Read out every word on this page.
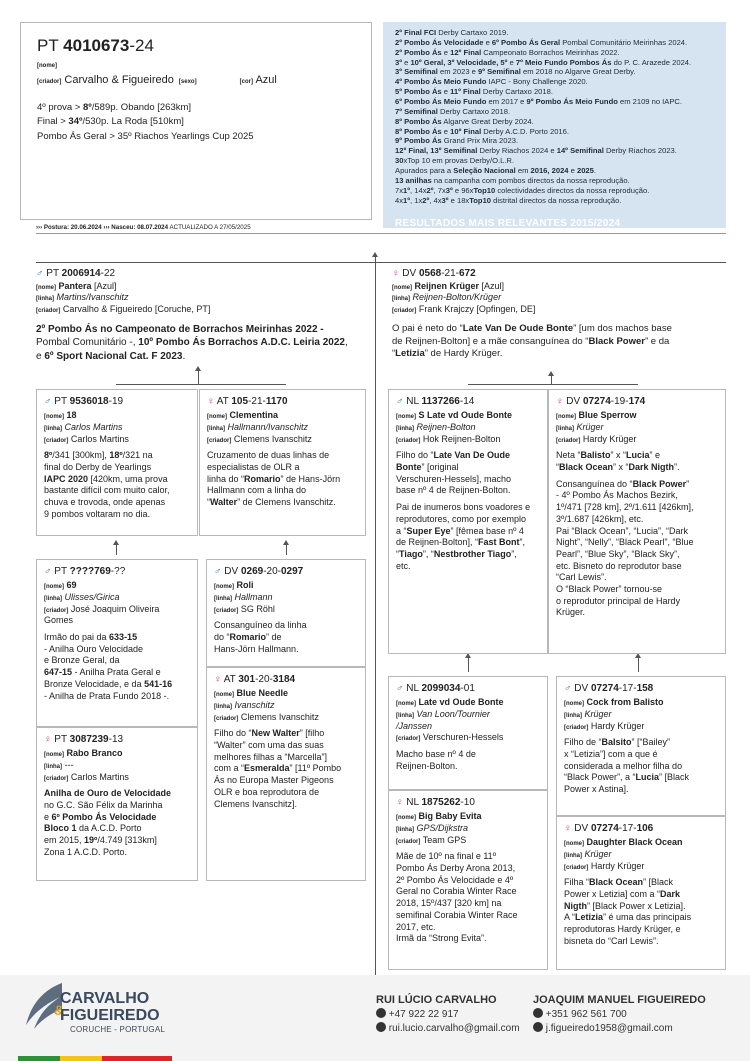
PT 4010673-24
[nome]
[criador] Carvalho & Figueiredo [sexo]	[cor] Azul
4º prova > 8º/589p. Obando [263km]
Final > 34º/530p. La Roda [510km]
Pombo Ás Geral > 35º Riachos Yearlings Cup 2025
››› Postura: 20.06.2024 ››› Nasceu: 08.07.2024 ACTUALIZADO A 27/05/2025
2º Final FCI Derby Cartaxo 2019.
2º Pombo Ás Velocidade e 6º Pombo Ás Geral Pombal Comunitário Meirinhas 2024.
2º Pombo Ás e 12º Final Campeonato Borrachos Meirinhas 2022.
3º e 10º Geral, 3º Velocidade, 5º e 7º Meio Fundo Pombos Ás do P. C. Arazede 2024.
3º Semifinal em 2023 e 9º Semifinal em 2018 no Algarve Great Derby.
4º Pombo Ás Meio Fundo IAPC - Bony Challenge 2020.
5º Pombo Ás e 11º Final Derby Cartaxo 2018.
6º Pombo Ás Meio Fundo em 2017 e 9º Pombo Ás Meio Fundo em 2109 no IAPC.
7º Semifinal Derby Cartaxo 2018.
8º Pombo Ás Algarve Great Derby 2024.
8º Pombo Ás e 10º Final Derby A.C.D. Porto 2016.
9º Pombo Ás Grand Prix Mira 2023.
12º Final, 13º Semifinal Derby Riachos 2024 e 14º Semifinal Derby Riachos 2023.
30xTop 10 em provas Derby/O.L.R.
Apurados para a Seleção Nacional em 2016, 2024 e 2025.
13 anilhas na campanha com pombos directos da nossa reprodução.
7x1º, 14x2º, 7x3º e 96xTop10 colectividades directos da nossa reprodução.
4x1º, 1x2º, 4x3º e 18xTop10 distrital directos da nossa reprodução.
RESULTADOS MAIS RELEVANTES 2015/2024
♂ PT 2006914-22
[nome] Pantera [Azul]
[linha] Martins/Ivanschitz
[criador] Carvalho & Figueiredo [Coruche, PT]
2º Pombo Ás no Campeonato de Borrachos Meirinhas 2022 -
Pombal Comunitário -, 10º Pombo Ás Borrachos A.D.C. Leiria 2022,
e 6º Sport Nacional Cat. F 2023.
♀ DV 0568-21-672
[nome] Reijnen Krüger [Azul]
[linha] Reijnen-Bolton/Krüger
[criador] Frank Krajczy [Opfingen, DE]
O pai é neto do “Late Van De Oude Bonte” [um dos machos base
de Reijnen-Bolton] e a mãe consanguínea do “Black Power” e da
“Letizia” de Hardy Krüger.
♂ PT 9536018-19
[nome] 18
[linha] Carlos Martins
[criador] Carlos Martins

8º/341 [300km], 18º/321 na
final do Derby de Yearlings
IAPC 2020 [420km, uma prova
bastante difícil com muito calor,
chuva e trovoda, onde apenas
9 pombos voltaram no dia.

♀ AT 105-21-1170
[nome] Clementina
[linha] Hallmann/Ivanschitz
[criador] Clemens Ivanschitz

Cruzamento de duas linhas de
especialistas de OLR a
linha do “Romario” de Hans-Jörn
Hallmann com a linha do
“Walter” de Clemens Ivanschitz.

♂ PT ????769-??
[nome] 69
[linha] Ulisses/Girica
[criador] José Joaquim Oliveira
Gomes

Irmão do pai da 633-15
- Anilha Ouro Velocidade
e Bronze Geral, da
647-15 - Anilha Prata Geral e
Bronze Velocidade, e da 541-16
- Anilha de Prata Fundo 2018 -.

♀ PT 3087239-13
[nome] Rabo Branco
[linha] ---
[criador] Carlos Martins

Anilha de Ouro de Velocidade
no G.C. São Félix da Marinha
e 6º Pombo Ás Velocidade
Bloco 1 da A.C.D. Porto
em 2015, 19º/4.749 [313km]
Zona 1 A.C.D. Porto.

♂ DV 0269-20-0297
[nome] Roli
[linha] Hallmann
[criador] SG Röhl

Consanguíneo da linha
do “Romario” de
Hans-Jörn Hallmann.

♀ AT 301-20-3184
[nome] Blue Needle
[linha] Ivanschitz
[criador] Clemens Ivanschitz

Filho do “New Walter” [filho
“Walter” com uma das suas
melhores filhas a “Marcella”]
com a “Esmeralda” [11º Pombo
Ás no Europa Master Pigeons
OLR e boa reprodutora de
Clemens Ivanschitz].

♂ NL 1137266-14
[nome] S Late vd Oude Bonte
[linha] Reijnen-Bolton
[criador] Hok Reijnen-Bolton

Filho do “Late Van De Oude
Bonte” [original
Verschuren-Hessels], macho
base nº 4 de Reijnen-Bolton.
Pai de inumeros bons voadores e
reprodutores, como por exemplo
a “Super Eye” [fêmea base nº 4
de Reijnen-Bolton], “Fast Bont”,
“Tiago”, “Nestbrother Tiago”,
etc.

♀ DV 07274-19-174
[nome] Blue Sperrow
[linha] Krüger
[criador] Hardy Krüger

Neta “Balisto” x “Lucia” e
“Black Ocean” x “Dark Nigth”.
Consanguínea do “Black Power”
- 4º Pombo Ás Machos Bezirk,
1º/471 [728 km], 2º/1.611 [426km],
3º/1.687 [426km], etc.
Pai “Black Ocean”, “Lucia”, “Dark
Night”, “Nelly”, “Black Pearl”, “Blue
Pearl”, “Blue Sky”, “Black Sky”,
etc. Bisneto do reprodutor base
“Carl Lewis”.
O “Black Power” tornou-se
o reprodutor principal de Hardy
Krüger.

♂ NL 2099034-01
[nome] Late vd Oude Bonte
[linha] Van Loon/Tournier
/Janssen
[criador] Verschuren-Hessels

Macho base nº 4 de
Reijnen-Bolton.

♀ NL 1875262-10
[nome] Big Baby Evita
[linha] GPS/Dijkstra
[criador] Team GPS

Mãe de 10º na final e 11º
Pombo Ás Derby Arona 2013,
2º Pombo Ás Velocidade e 4º
Geral no Corabia Winter Race
2018, 15º/437 [320 km] na
semifinal Corabia Winter Race
2017, etc.
Irmã da “Strong Evita”.

♂ DV 07274-17-158
[nome] Cock from Balisto
[linha] Krüger
[criador] Hardy Krüger

Filho de “Balsito” [“Bailey”
x “Letizia”] com a que é
considerada a melhor filha do
“Black Power”, a “Lucia” [Black
Power x Astina].

♀ DV 07274-17-106
[nome] Daughter Black Ocean
[linha] Krüger
[criador] Hardy Krüger

Filha “Black Ocean” [Black
Power x Letizia] com a “Dark
Nigth” [Black Power x Letizia].
A “Letizia” é uma das principais
reprodutoras Hardy Krüger, e
bisneta do “Carl Lewis”.

CARVALHO
&
FIGUEIREDO
CORUCHE - PORTUGAL
RUI LÚCIO CARVALHO
+47 922 22 917
rui.lucio.carvalho@gmail.com
JOAQUIM MANUEL FIGUEIREDO
+351 962 561 700
j.figueiredo1958@gmail.com
